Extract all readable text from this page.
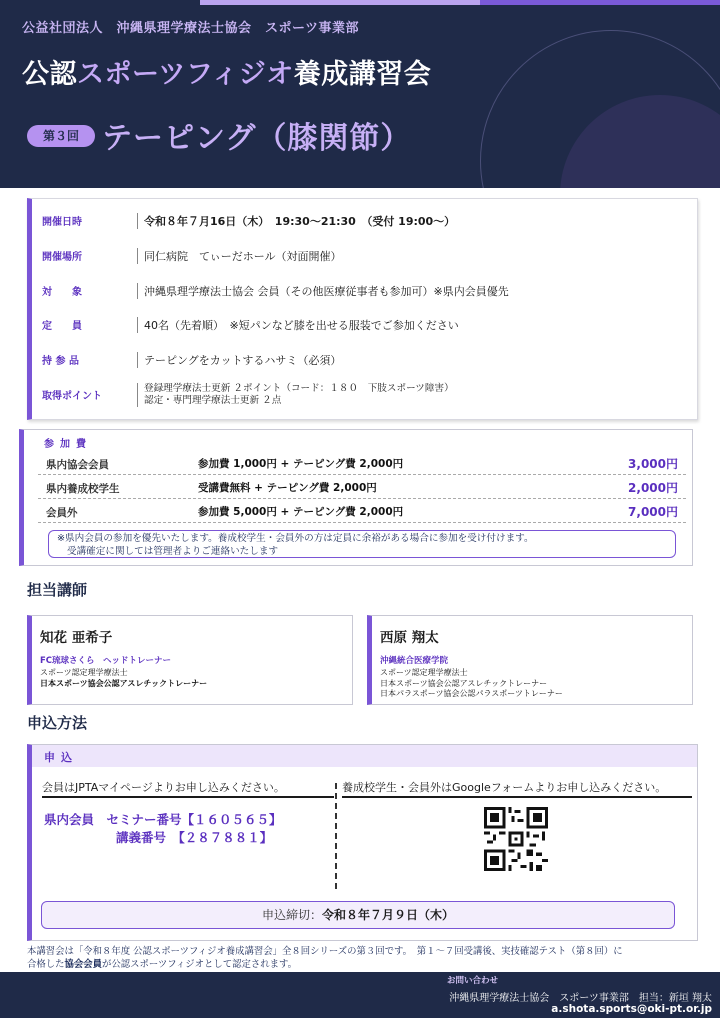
公益社団法人　沖縄県理学療法士協会　スポーツ事業部
公認スポーツフィジオ養成講習会
第３回 テーピング（膝関節）
開催日時	令和８年７月16日（木）　19:30〜21:30　（受付 19:00〜）
開催場所	同仁病院　てぃーだホール（対面開催）
対　　象	沖縄県理学療法士協会 会員（その他医療従事者も参加可）※県内会員優先
定　　員	40名（先着順）　※短パンなど膝を出せる服装でご参加ください
持 参 品	テーピングをカットするハサミ（必須）
取得ポイント
登録理学療法士更新 ２ポイント（コード：１８０　下肢スポーツ障害）
認定・専門理学療法士更新 ２点
参加費
県内協会会員	参加費 1,000円 + テーピング費 2,000円	3,000円
県内養成校学生	受講費無料 + テーピング費 2,000円	2,000円
会員外	参加費 5,000円 + テーピング費 2,000円	7,000円
※県内会員の参加を優先いたします。養成校学生・会員外の方は定員に余裕がある場合に参加を受け付けます。
受講確定に関しては管理者よりご連絡いたします
担当講師
知花 亜希子
FC琉球さくら　ヘッドトレーナー
スポーツ認定理学療法士
日本スポーツ協会公認アスレチックトレーナー
西原 翔太
沖縄統合医療学院
スポーツ認定理学療法士
日本スポーツ協会公認アスレチックトレーナー
日本パラスポーツ協会公認パラスポーツトレーナー
申込方法
申込
会員はJPTAマイページよりお申し込みください。	養成校学生・会員外はGoogleフォームよりお申し込みください。
県内会員　セミナー番号【１６０５６５】
講義番号　【２８７８８１】
申込締切：令和８年７月９日（木）
本講習会は「令和８年度 公認スポーツフィジオ養成講習会」全８回シリーズの第３回です。　第１〜７回受講後、実技確認テスト（第８回）に
合格した協会会員が公認スポーツフィジオとして認定されます。
お問い合わせ
沖縄県理学療法士協会　スポーツ事業部　担当：新垣 翔太
a.shota.sports@oki-pt.or.jp
